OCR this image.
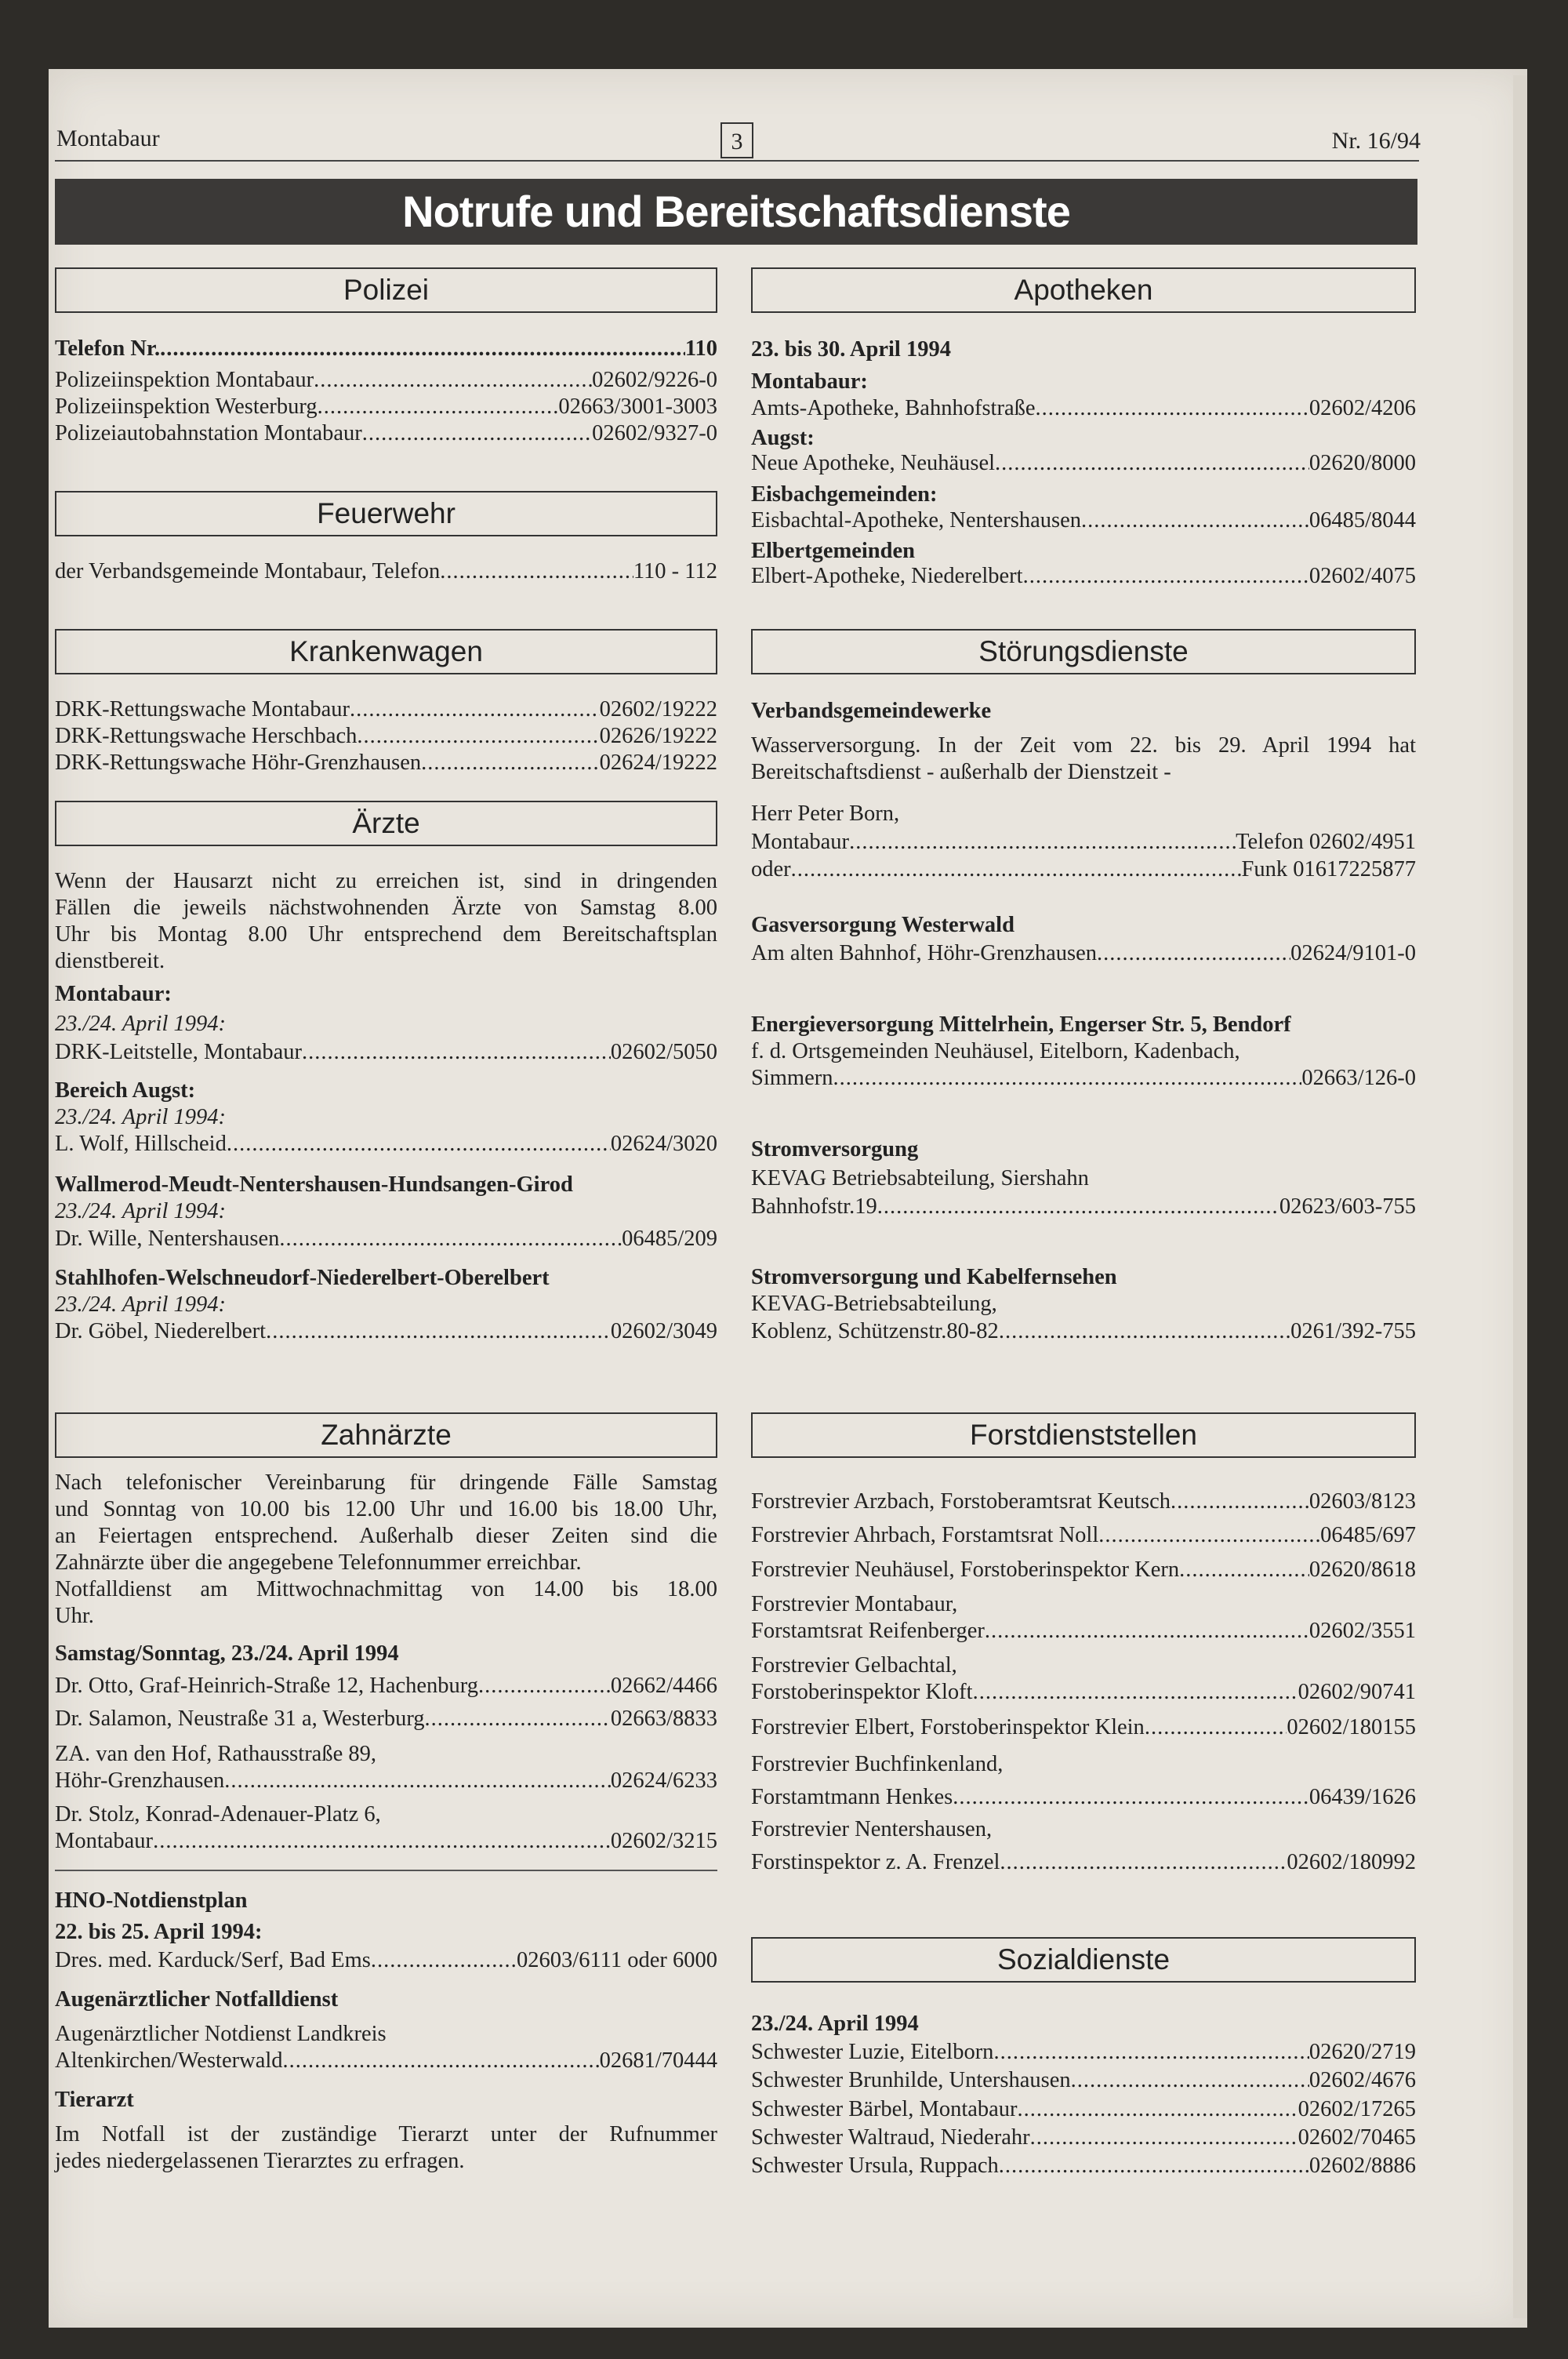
Montabaur	3	Nr. 16/94
Notrufe und Bereitschaftsdienste
Polizei
Telefon Nr. .....	110
Polizeiinspektion Montabaur .....	02602/9226-0
Polizeiinspektion Westerburg .....	02663/3001-3003
Polizeiautobahnstation Montabaur .....	02602/9327-0
Feuerwehr
der Verbandsgemeinde Montabaur, Telefon .....	110 - 112
Krankenwagen
DRK-Rettungswache Montabaur .....	02602/19222
DRK-Rettungswache Herschbach .....	02626/19222
DRK-Rettungswache Höhr-Grenzhausen .....	02624/19222
Ärzte
Wenn der Hausarzt nicht zu erreichen ist, sind in dringenden
Fällen die jeweils nächstwohnenden Ärzte von Samstag 8.00
Uhr bis Montag 8.00 Uhr entsprechend dem Bereitschaftsplan
dienstbereit.
Montabaur:
23./24. April 1994:
DRK-Leitstelle, Montabaur .....	02602/5050
Bereich Augst:
23./24. April 1994:
L. Wolf, Hillscheid .....	02624/3020
Wallmerod-Meudt-Nentershausen-Hundsangen-Girod
23./24. April 1994:
Dr. Wille, Nentershausen .....	06485/209
Stahlhofen-Welschneudorf-Niederelbert-Oberelbert
23./24. April 1994:
Dr. Göbel, Niederelbert .....	02602/3049
Zahnärzte
Nach telefonischer Vereinbarung für dringende Fälle Samstag
und Sonntag von 10.00 bis 12.00 Uhr und 16.00 bis 18.00 Uhr,
an Feiertagen entsprechend. Außerhalb dieser Zeiten sind die
Zahnärzte über die angegebene Telefonnummer erreichbar.
Notfalldienst am Mittwochnachmittag von 14.00 bis 18.00
Uhr.
Samstag/Sonntag, 23./24. April 1994
Dr. Otto, Graf-Heinrich-Straße 12, Hachenburg .....	02662/4466
Dr. Salamon, Neustraße 31 a, Westerburg .....	02663/8833
ZA. van den Hof, Rathausstraße 89,
Höhr-Grenzhausen .....	02624/6233
Dr. Stolz, Konrad-Adenauer-Platz 6,
Montabaur .....	02602/3215
HNO-Notdienstplan
22. bis 25. April 1994:
Dres. med. Karduck/Serf, Bad Ems .....	02603/6111 oder 6000
Augenärztlicher Notfalldienst
Augenärztlicher Notdienst Landkreis
Altenkirchen/Westerwald .....	02681/70444
Tierarzt
Im Notfall ist der zuständige Tierarzt unter der Rufnummer
jedes niedergelassenen Tierarztes zu erfragen.
Apotheken
23. bis 30. April 1994
Montabaur:
Amts-Apotheke, Bahnhofstraße .....	02602/4206
Augst:
Neue Apotheke, Neuhäusel .....	02620/8000
Eisbachgemeinden:
Eisbachtal-Apotheke, Nentershausen .....	06485/8044
Elbertgemeinden
Elbert-Apotheke, Niederelbert .....	02602/4075
Störungsdienste
Verbandsgemeindewerke
Wasserversorgung. In der Zeit vom 22. bis 29. April 1994 hat
Bereitschaftsdienst - außerhalb der Dienstzeit -
Herr Peter Born,
Montabaur .....	Telefon 02602/4951
oder .....	Funk 01617225877
Gasversorgung Westerwald
Am alten Bahnhof, Höhr-Grenzhausen .....	02624/9101-0
Energieversorgung Mittelrhein, Engerser Str. 5, Bendorf
f. d. Ortsgemeinden Neuhäusel, Eitelborn, Kadenbach,
Simmern .....	02663/126-0
Stromversorgung
KEVAG Betriebsabteilung, Siershahn
Bahnhofstr.19 .....	02623/603-755
Stromversorgung und Kabelfernsehen
KEVAG-Betriebsabteilung,
Koblenz, Schützenstr.80-82 .....	0261/392-755
Forstdienststellen
Forstrevier Arzbach, Forstoberamtsrat Keutsch .....	02603/8123
Forstrevier Ahrbach, Forstamtsrat Noll .....	06485/697
Forstrevier Neuhäusel, Forstoberinspektor Kern .....	02620/8618
Forstrevier Montabaur,
Forstamtsrat Reifenberger .....	02602/3551
Forstrevier Gelbachtal,
Forstoberinspektor Kloft .....	02602/90741
Forstrevier Elbert, Forstoberinspektor Klein .....	02602/180155
Forstrevier Buchfinkenland,
Forstamtmann Henkes .....	06439/1626
Forstrevier Nentershausen,
Forstinspektor z. A. Frenzel .....	02602/180992
Sozialdienste
23./24. April 1994
Schwester Luzie, Eitelborn .....	02620/2719
Schwester Brunhilde, Untershausen .....	02602/4676
Schwester Bärbel, Montabaur .....	02602/17265
Schwester Waltraud, Niederahr .....	02602/70465
Schwester Ursula, Ruppach .....	02602/8886
